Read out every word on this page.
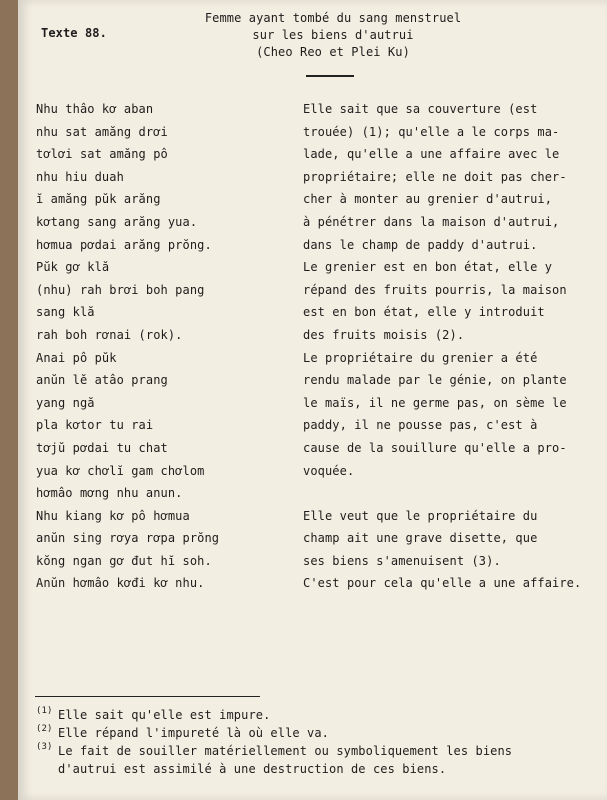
Texte 88.
Femme ayant tombé du sang menstruel
sur les biens d'autrui
(Cheo Reo et Plei Ku)
Nhu thâo kơ aban
nhu sat amăng drơi
tơlơi sat amăng pô
nhu hiu duah
ĭ amăng pŭk arăng
kơtang sang arăng yua.
hơmua pơdai arăng prŏng.
Pŭk gơ klă
(nhu) rah brơi boh pang
sang klă
rah boh rơnai (rok).
Anai pô pŭk
anŭn lĕ atâo prang
yang ngă
pla kơtor tu rai
tơjŭ pơdai tu chat
yua kơ chơlĭ gam chơlom
hơmâo mơng nhu anun.
Nhu kiang kơ pô hơmua
anŭn sing rơya rơpa prŏng
kŏng ngan gơ đut hĭ soh.
Anŭn hơmâo kơđi kơ nhu.
Elle sait que sa couverture (est
trouée) (1); qu'elle a le corps ma-
lade, qu'elle a une affaire avec le
propriétaire; elle ne doit pas cher-
cher à monter au grenier d'autrui,
à pénétrer dans la maison d'autrui,
dans le champ de paddy d'autrui.
Le grenier est en bon état, elle y
répand des fruits pourris, la maison
est en bon état, elle y introduit
des fruits moisis (2).
Le propriétaire du grenier a été
rendu malade par le génie, on plante
le maïs, il ne germe pas, on sème le
paddy, il ne pousse pas, c'est à
cause de la souillure qu'elle a pro-
voquée.
Elle veut que le propriétaire du
champ ait une grave disette, que
ses biens s'amenuisent (3).
C'est pour cela qu'elle a une affaire.
(1) Elle sait qu'elle est impure.
(2) Elle répand l'impureté là où elle va.
(3) Le fait de souiller matériellement ou symboliquement les biens
d'autrui est assimilé à une destruction de ces biens.
